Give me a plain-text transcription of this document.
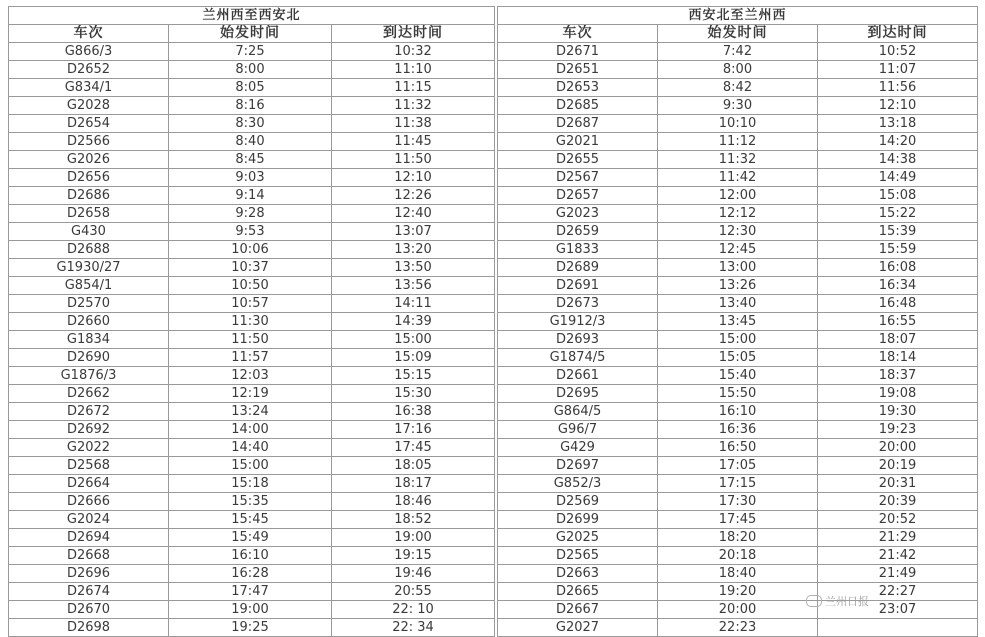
兰州西至西安北				西安北至兰州西		
车次	始发时间	到达时间		车次	始发时间	到达时间
G866/3	7:25	10:32		D2671	7:42	10:52
D2652	8:00	11:10		D2651	8:00	11:07
G834/1	8:05	11:15		D2653	8:42	11:56
G2028	8:16	11:32		D2685	9:30	12:10
D2654	8:30	11:38		D2687	10:10	13:18
D2566	8:40	11:45		G2021	11:12	14:20
G2026	8:45	11:50		D2655	11:32	14:38
D2656	9:03	12:10		D2567	11:42	14:49
D2686	9:14	12:26		D2657	12:00	15:08
D2658	9:28	12:40		G2023	12:12	15:22
G430	9:53	13:07		D2659	12:30	15:39
D2688	10:06	13:20		G1833	12:45	15:59
G1930/27	10:37	13:50		D2689	13:00	16:08
G854/1	10:50	13:56		D2691	13:26	16:34
D2570	10:57	14:11		D2673	13:40	16:48
D2660	11:30	14:39		G1912/3	13:45	16:55
G1834	11:50	15:00		D2693	15:00	18:07
D2690	11:57	15:09		G1874/5	15:05	18:14
G1876/3	12:03	15:15		D2661	15:40	18:37
D2662	12:19	15:30		D2695	15:50	19:08
D2672	13:24	16:38		G864/5	16:10	19:30
D2692	14:00	17:16		G96/7	16:36	19:23
G2022	14:40	17:45		G429	16:50	20:00
D2568	15:00	18:05		D2697	17:05	20:19
D2664	15:18	18:17		G852/3	17:15	20:31
D2666	15:35	18:46		D2569	17:30	20:39
G2024	15:45	18:52		D2699	17:45	20:52
D2694	15:49	19:00		G2025	18:20	21:29
D2668	16:10	19:15		D2565	20:18	21:42
D2696	16:28	19:46		D2663	18:40	21:49
D2674	17:47	20:55		D2665	19:20	22:27
D2670	19:00	22: 10		D2667	20:00	23:07
D2698	19:25	22: 34		G2027	22:23	
兰州日报
